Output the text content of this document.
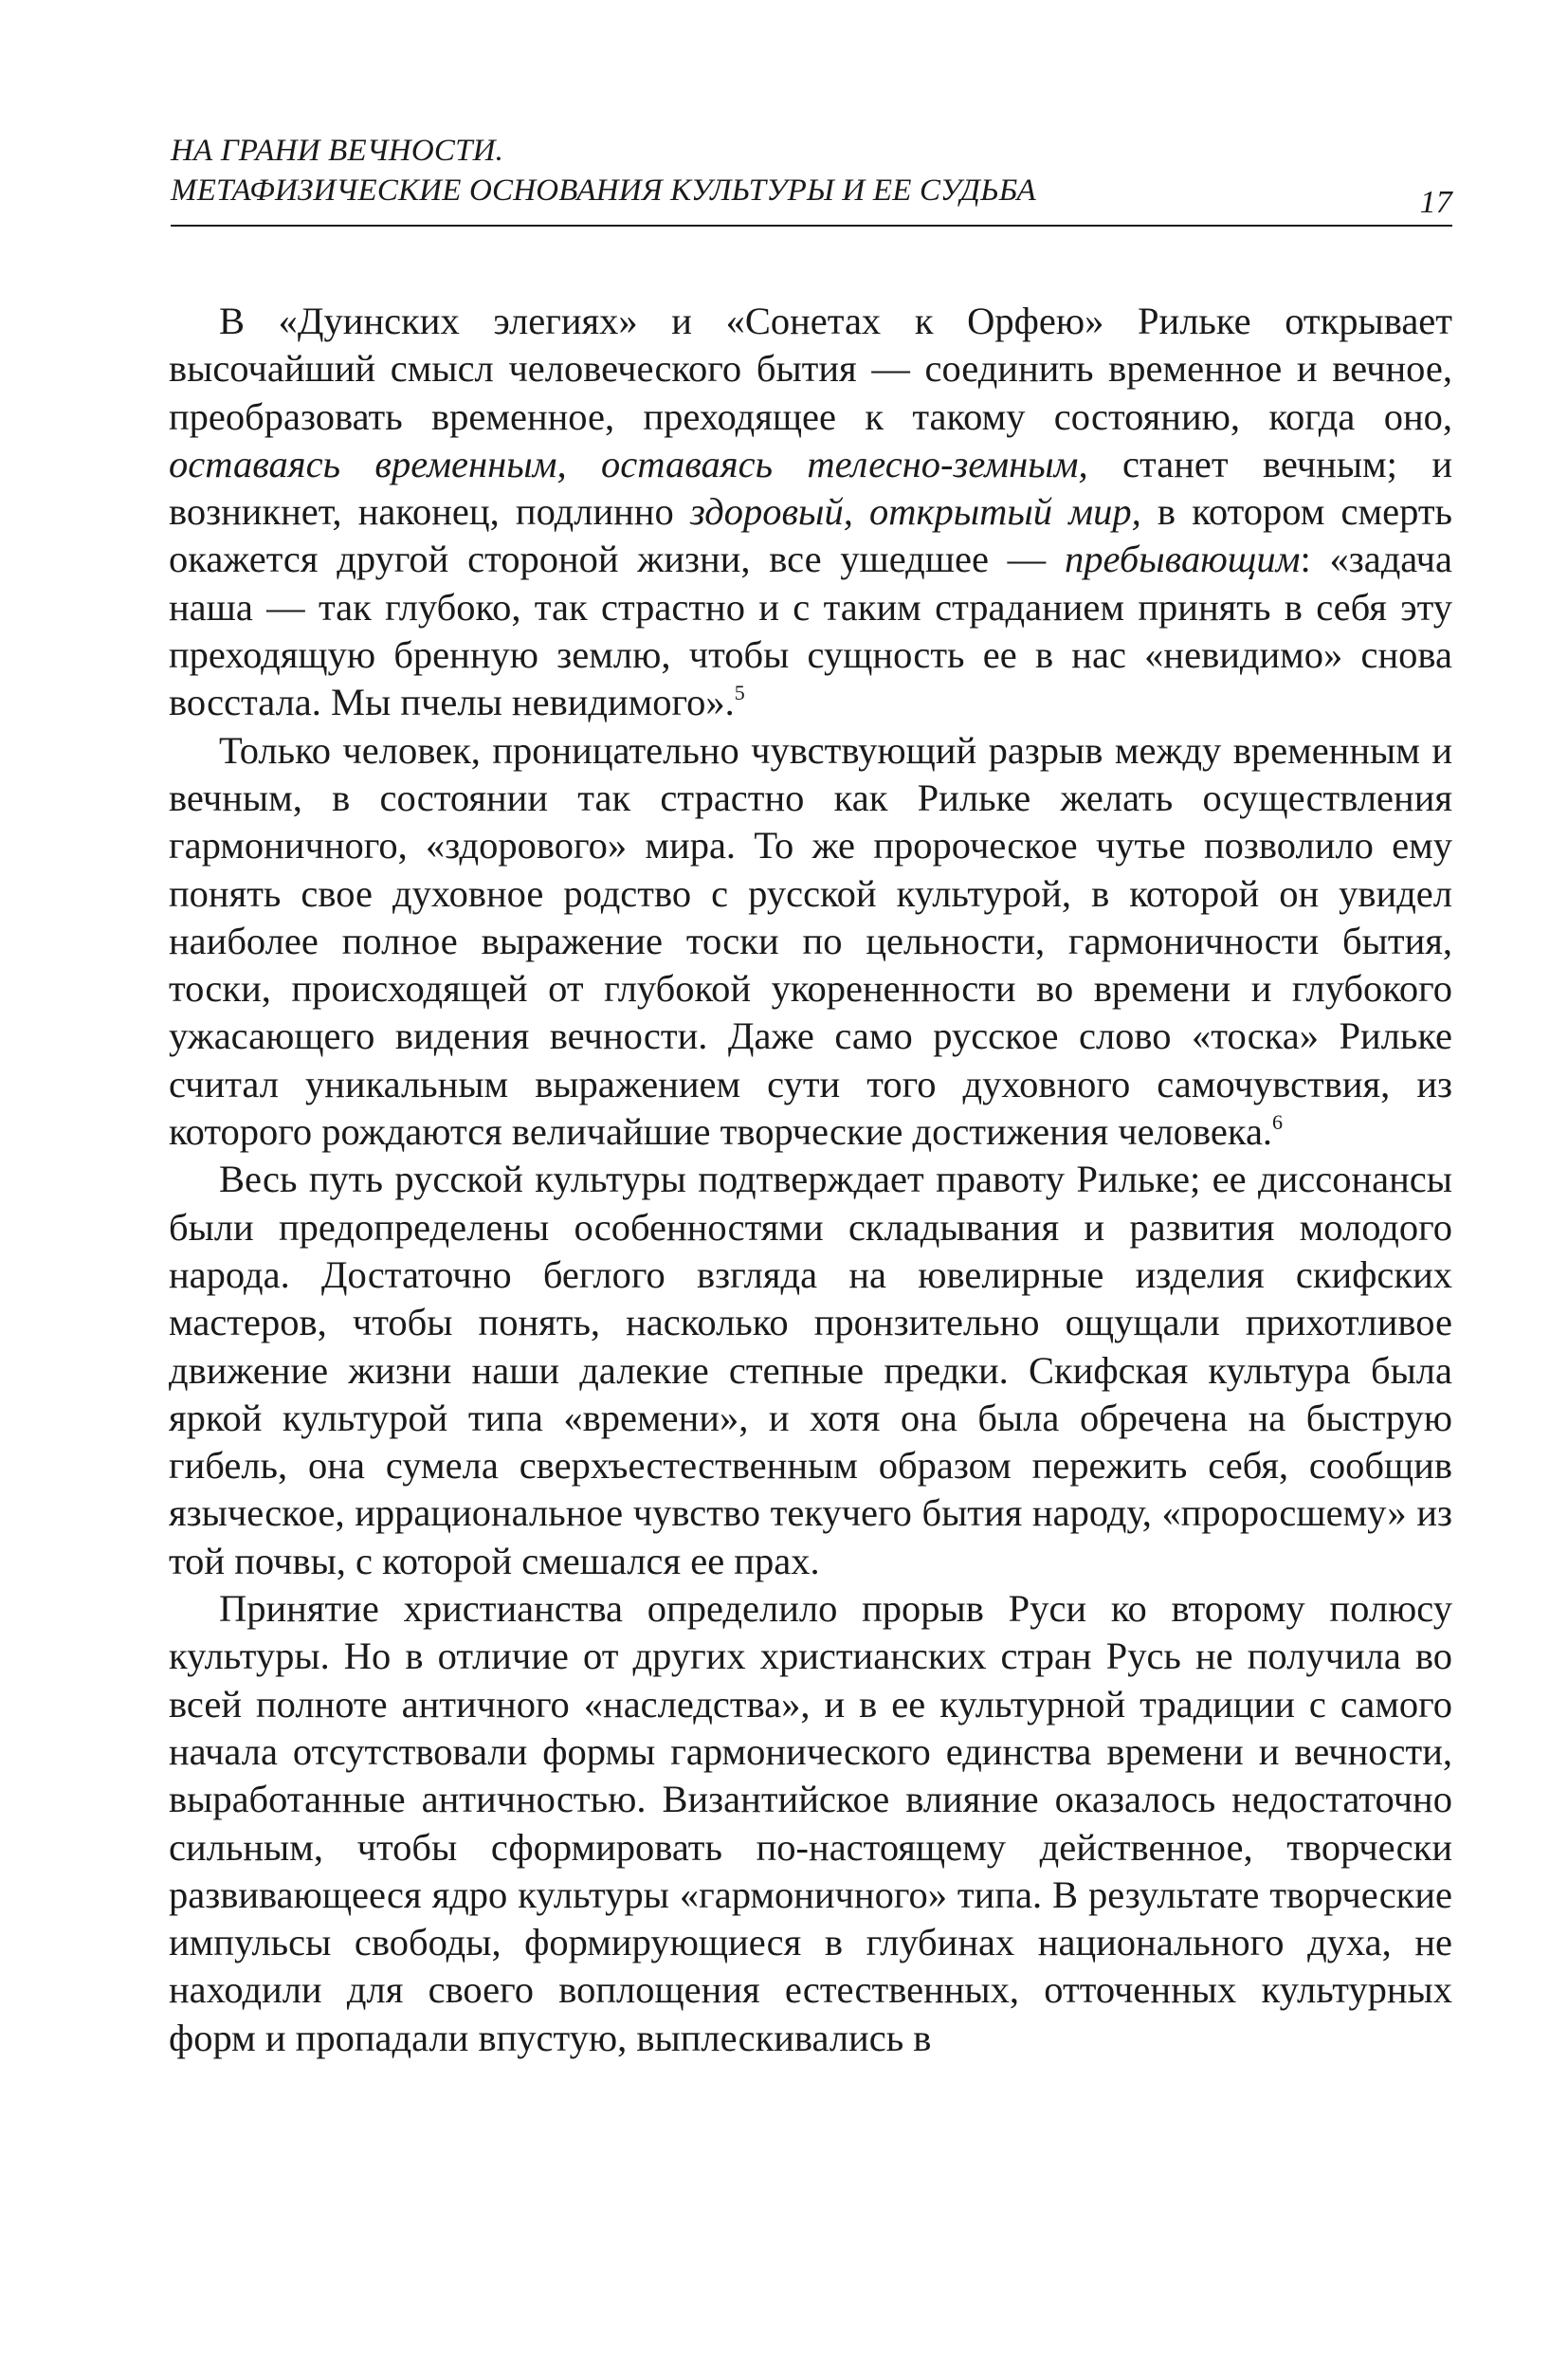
НА ГРАНИ ВЕЧНОСТИ.
МЕТАФИЗИЧЕСКИЕ ОСНОВАНИЯ КУЛЬТУРЫ И ЕЕ СУДЬБА	17

В «Дуинских элегиях» и «Сонетах к Орфею» Рильке открывает высочайший смысл человеческого бытия — соединить временное и вечное, преобразовать временное, преходящее к такому состоянию, когда оно, оставаясь временным, оставаясь телесно-земным, станет вечным; и возникнет, наконец, подлинно здоровый, открытый мир, в котором смерть окажется другой стороной жизни, все ушедшее — пребывающим: «задача наша — так глубоко, так страстно и с таким страданием принять в себя эту преходящую бренную землю, чтобы сущность ее в нас «невидимо» снова восстала. Мы пчелы невидимого».$^5$

Только человек, проницательно чувствующий разрыв между временным и вечным, в состоянии так страстно как Рильке желать осуществления гармоничного, «здорового» мира. То же пророческое чутье позволило ему понять свое духовное родство с русской культурой, в которой он увидел наиболее полное выражение тоски по цельности, гармоничности бытия, тоски, происходящей от глубокой укорененности во времени и глубокого ужасающего видения вечности. Даже само русское слово «тоска» Рильке считал уникальным выражением сути того духовного самочувствия, из которого рождаются величайшие творческие достижения человека.$^6$

Весь путь русской культуры подтверждает правоту Рильке; ее диссонансы были предопределены особенностями складывания и развития молодого народа. Достаточно беглого взгляда на ювелирные изделия скифских мастеров, чтобы понять, насколько пронзительно ощущали прихотливое движение жизни наши далекие степные предки. Скифская культура была яркой культурой типа «времени», и хотя она была обречена на быструю гибель, она сумела сверхъестественным образом пережить себя, сообщив языческое, иррациональное чувство текучего бытия народу, «проросшему» из той почвы, с которой смешался ее прах.

Принятие христианства определило прорыв Руси ко второму полюсу культуры. Но в отличие от других христианских стран Русь не получила во всей полноте античного «наследства», и в ее культурной традиции с самого начала отсутствовали формы гармонического единства времени и вечности, выработанные античностью. Византийское влияние оказалось недостаточно сильным, чтобы сформировать по-настоящему действенное, творчески развивающееся ядро культуры «гармоничного» типа. В результате творческие импульсы свободы, формирующиеся в глубинах национального духа, не находили для своего воплощения естественных, отточенных культурных форм и пропадали впустую, выплескивались в
